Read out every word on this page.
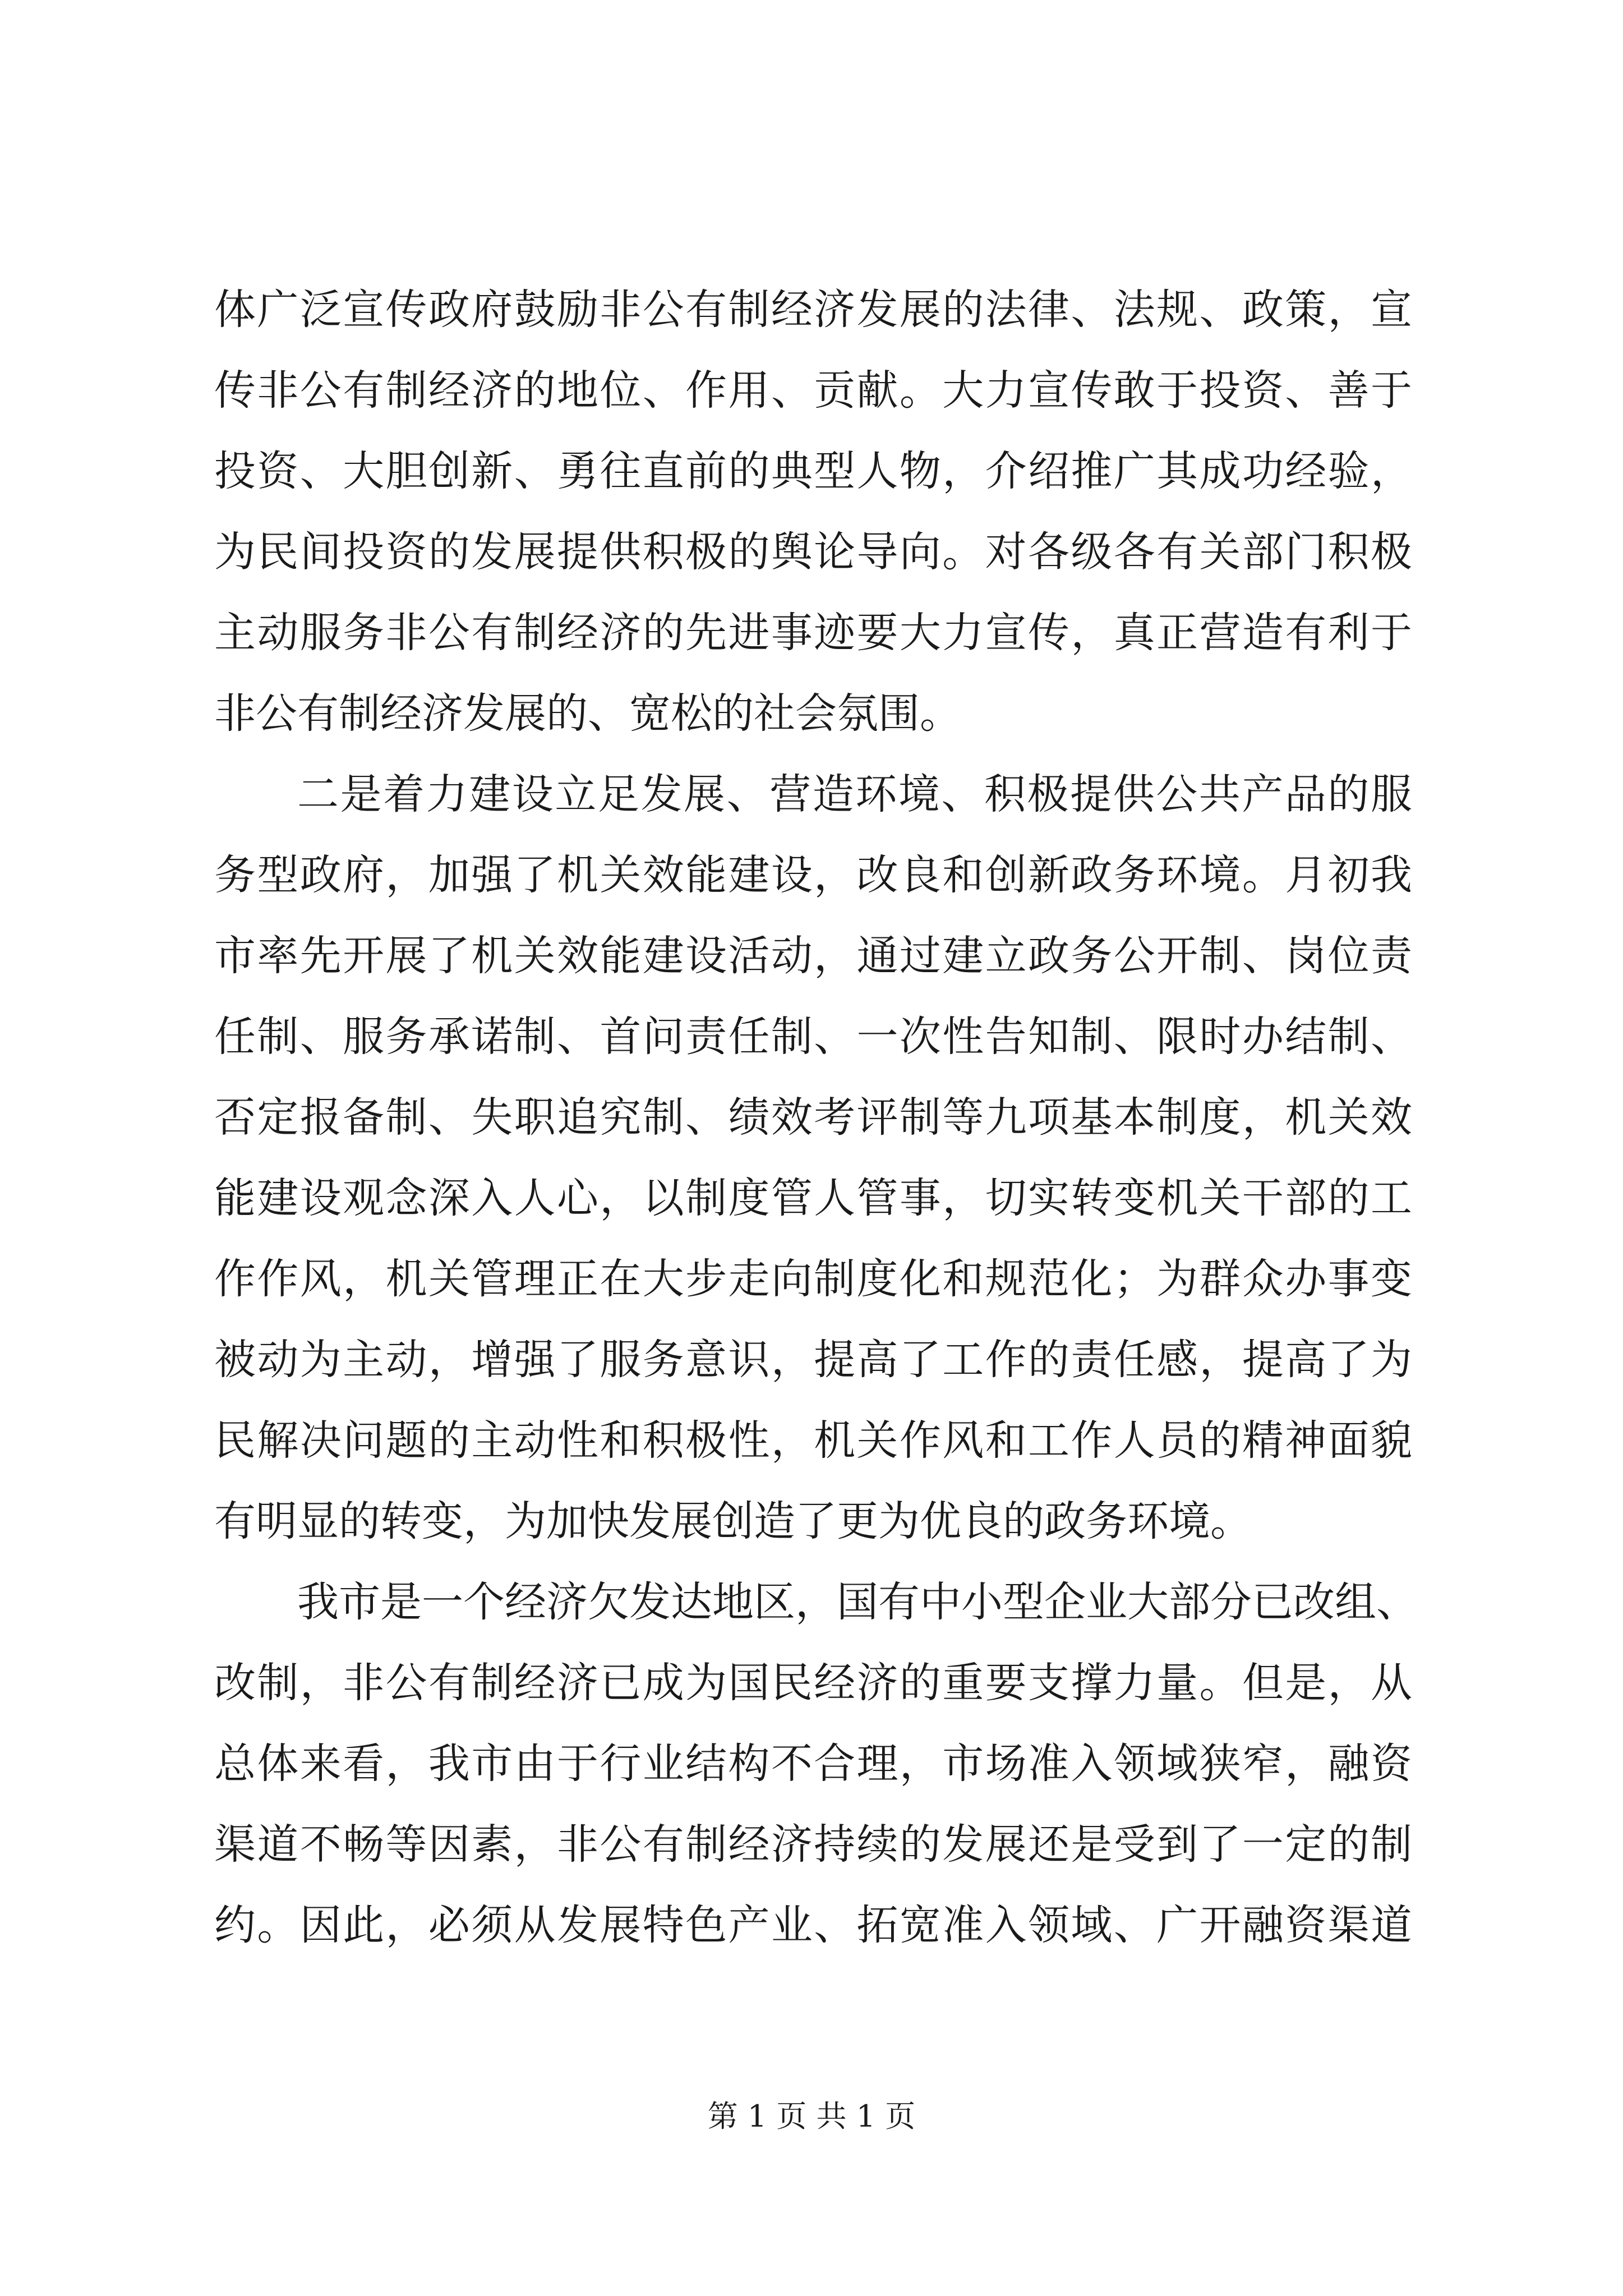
体广泛宣传政府鼓励非公有制经济发展的法律、法规、政策，宣
传非公有制经济的地位、作用、贡献。大力宣传敢于投资、善于
投资、大胆创新、勇往直前的典型人物，介绍推广其成功经验，
为民间投资的发展提供积极的舆论导向。对各级各有关部门积极
主动服务非公有制经济的先进事迹要大力宣传，真正营造有利于
非公有制经济发展的、宽松的社会氛围。
二是着力建设立足发展、营造环境、积极提供公共产品的服
务型政府，加强了机关效能建设，改良和创新政务环境。月初我
市率先开展了机关效能建设活动，通过建立政务公开制、岗位责
任制、服务承诺制、首问责任制、一次性告知制、限时办结制、
否定报备制、失职追究制、绩效考评制等九项基本制度，机关效
能建设观念深入人心，以制度管人管事，切实转变机关干部的工
作作风，机关管理正在大步走向制度化和规范化；为群众办事变
被动为主动，增强了服务意识，提高了工作的责任感，提高了为
民解决问题的主动性和积极性，机关作风和工作人员的精神面貌
有明显的转变，为加快发展创造了更为优良的政务环境。
我市是一个经济欠发达地区，国有中小型企业大部分已改组、
改制，非公有制经济已成为国民经济的重要支撑力量。但是，从
总体来看，我市由于行业结构不合理，市场准入领域狭窄，融资
渠道不畅等因素，非公有制经济持续的发展还是受到了一定的制
约。因此，必须从发展特色产业、拓宽准入领域、广开融资渠道
第 1 页 共 1 页
